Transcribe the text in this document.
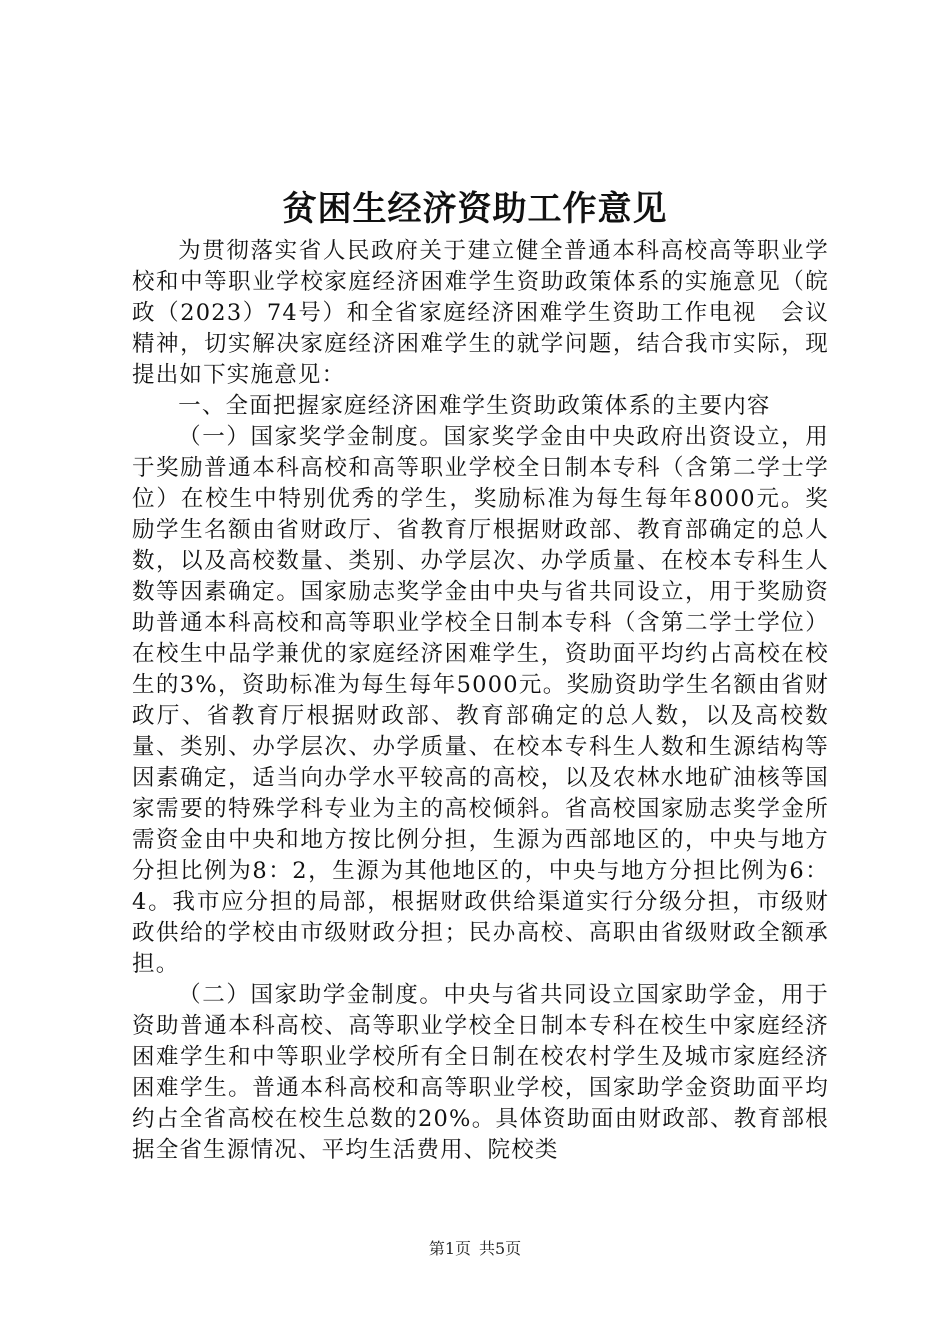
贫困生经济资助工作意见

为贯彻落实省人民政府关于建立健全普通本科高校高等职业学校和中等职业学校家庭经济困难学生资助政策体系的实施意见（皖政（2023）74号）和全省家庭经济困难学生资助工作电视　会议精神，切实解决家庭经济困难学生的就学问题，结合我市实际，现提出如下实施意见：

一、全面把握家庭经济困难学生资助政策体系的主要内容

（一）国家奖学金制度。国家奖学金由中央政府出资设立，用于奖励普通本科高校和高等职业学校全日制本专科（含第二学士学位）在校生中特别优秀的学生，奖励标准为每生每年8000元。奖励学生名额由省财政厅、省教育厅根据财政部、教育部确定的总人数，以及高校数量、类别、办学层次、办学质量、在校本专科生人数等因素确定。国家励志奖学金由中央与省共同设立，用于奖励资助普通本科高校和高等职业学校全日制本专科（含第二学士学位）在校生中品学兼优的家庭经济困难学生，资助面平均约占高校在校生的3%，资助标准为每生每年5000元。奖励资助学生名额由省财政厅、省教育厅根据财政部、教育部确定的总人数，以及高校数量、类别、办学层次、办学质量、在校本专科生人数和生源结构等因素确定，适当向办学水平较高的高校，以及农林水地矿油核等国家需要的特殊学科专业为主的高校倾斜。省高校国家励志奖学金所需资金由中央和地方按比例分担，生源为西部地区的，中央与地方分担比例为8：2，生源为其他地区的，中央与地方分担比例为6：4。我市应分担的局部，根据财政供给渠道实行分级分担，市级财政供给的学校由市级财政分担；民办高校、高职由省级财政全额承担。

（二）国家助学金制度。中央与省共同设立国家助学金，用于资助普通本科高校、高等职业学校全日制本专科在校生中家庭经济困难学生和中等职业学校所有全日制在校农村学生及城市家庭经济困难学生。普通本科高校和高等职业学校，国家助学金资助面平均约占全省高校在校生总数的20%。具体资助面由财政部、教育部根据全省生源情况、平均生活费用、院校类

第1页 共5页
